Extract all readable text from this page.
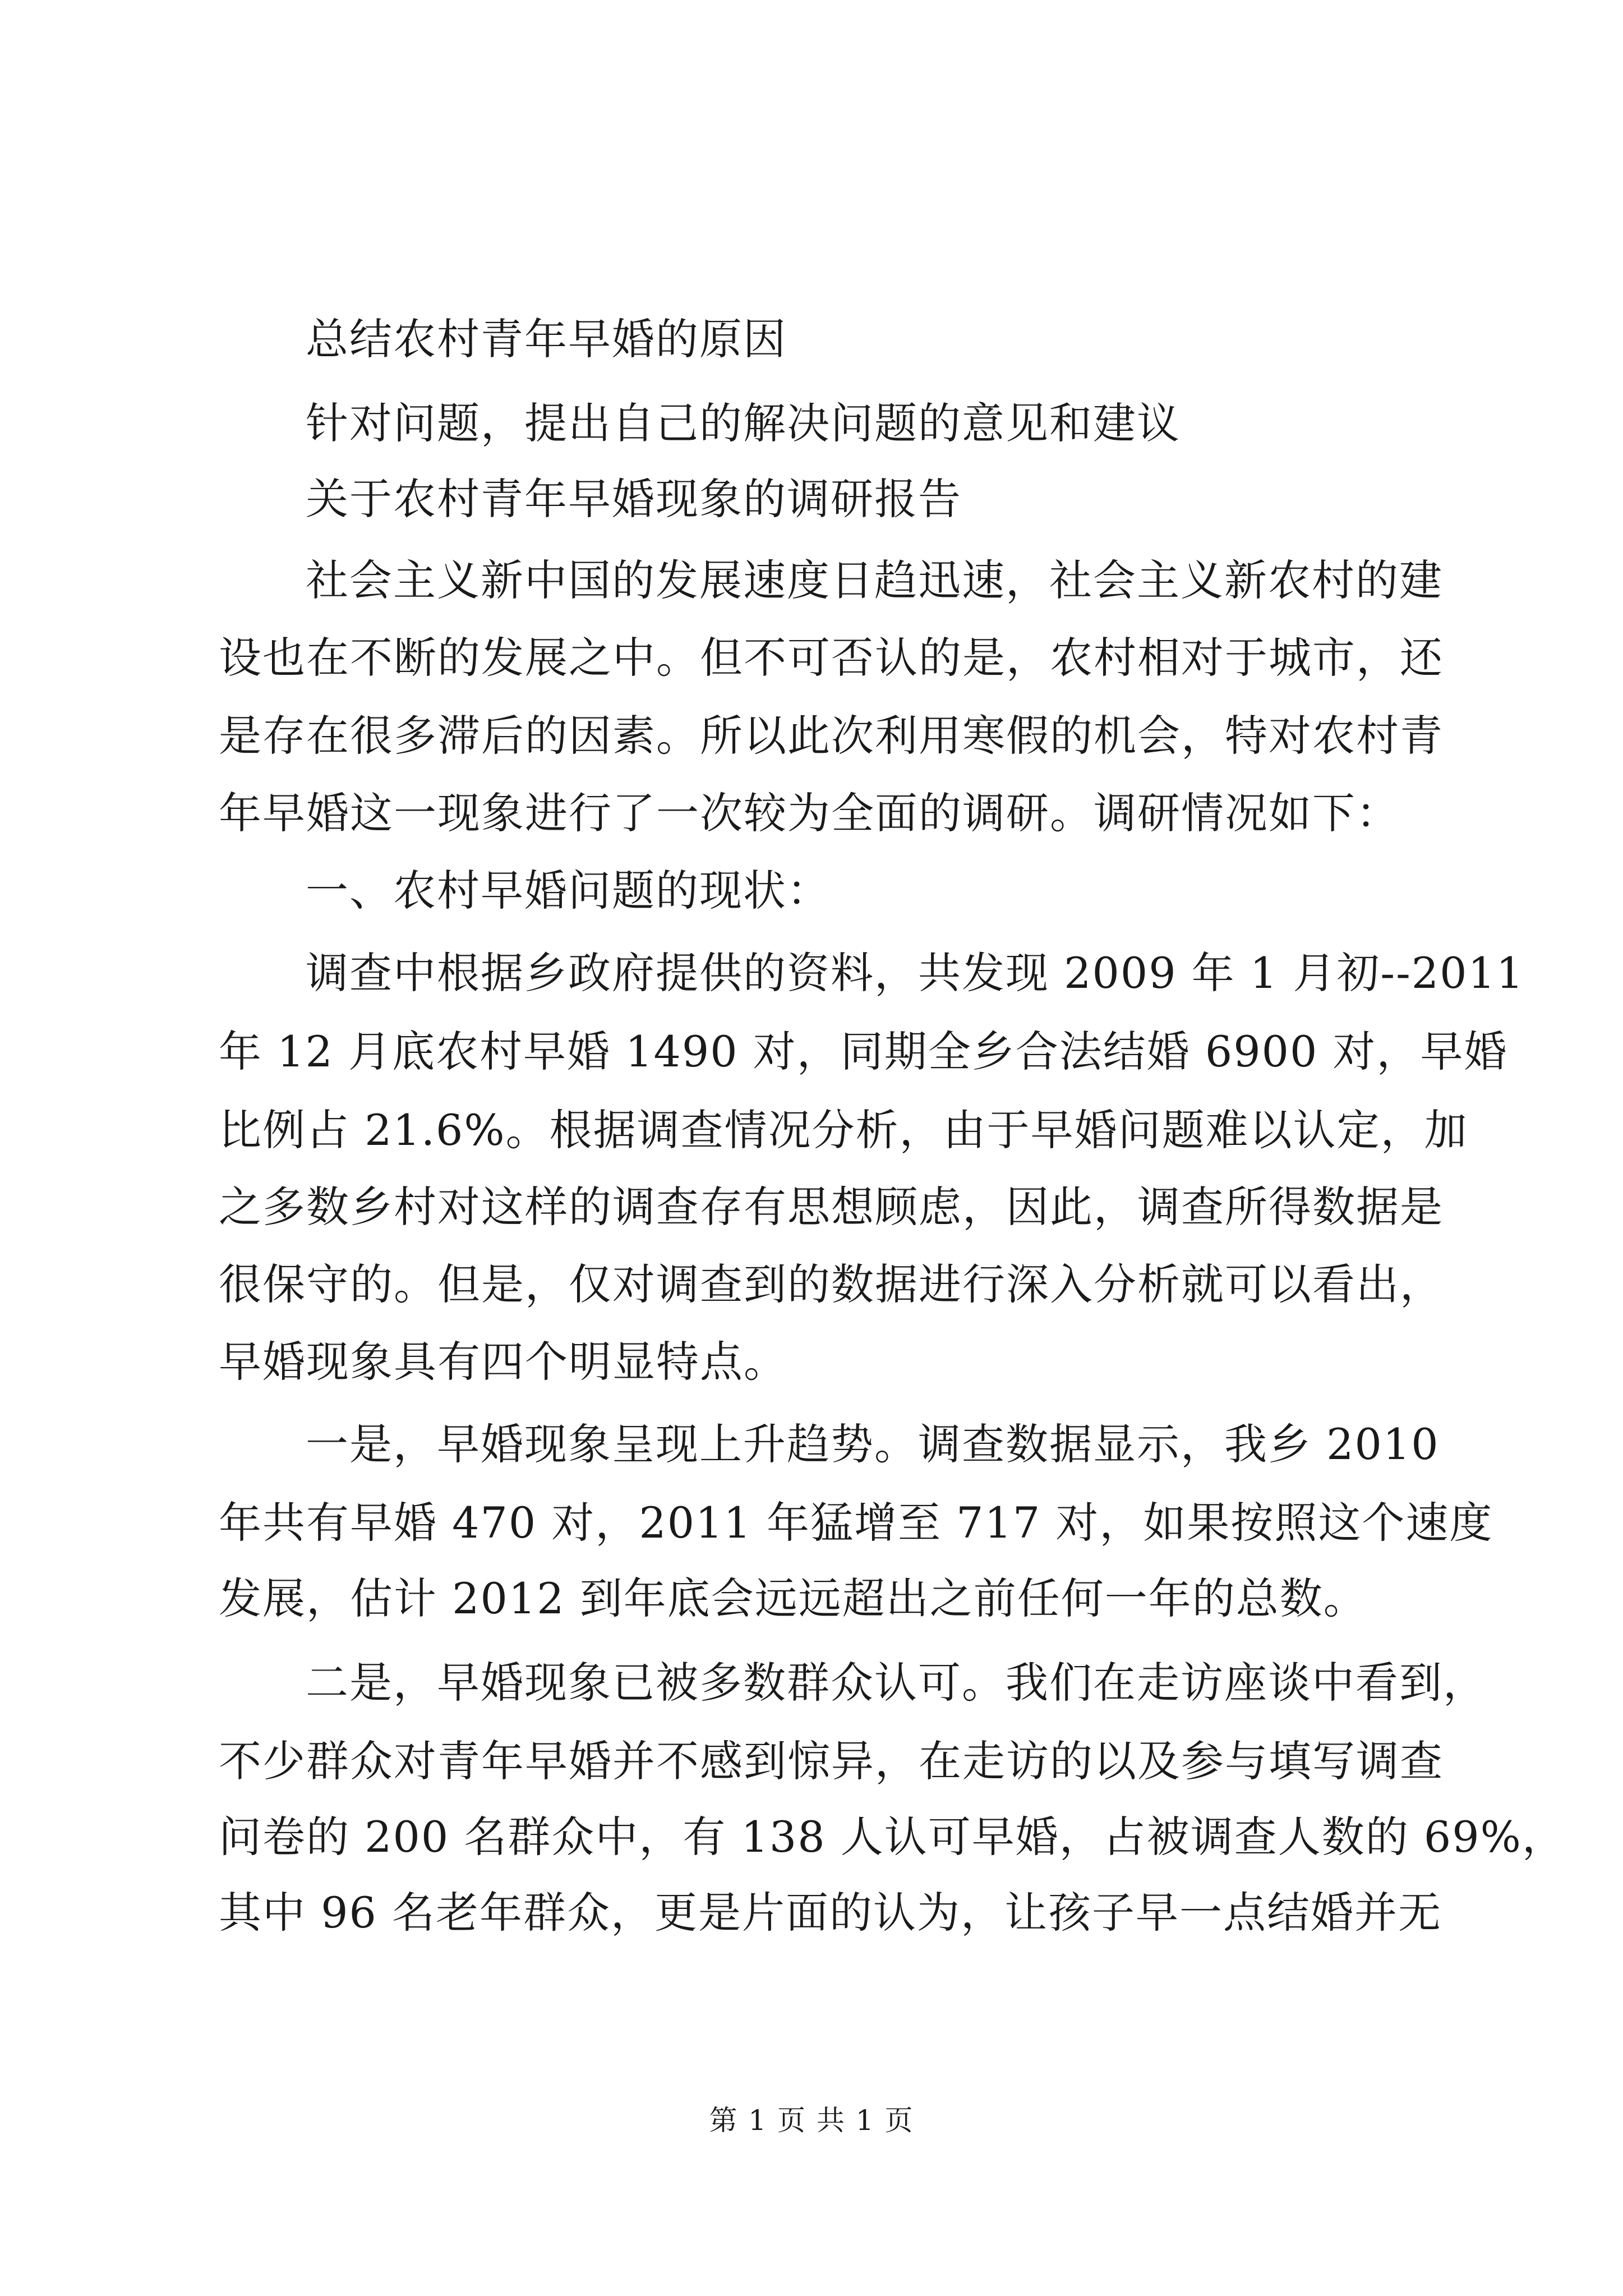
总结农村青年早婚的原因
针对问题，提出自己的解决问题的意见和建议
关于农村青年早婚现象的调研报告
社会主义新中国的发展速度日趋迅速，社会主义新农村的建
设也在不断的发展之中。但不可否认的是，农村相对于城市，还
是存在很多滞后的因素。所以此次利用寒假的机会，特对农村青
年早婚这一现象进行了一次较为全面的调研。调研情况如下：
一、农村早婚问题的现状：
调查中根据乡政府提供的资料，共发现 2009 年 1 月初--2011
年 12 月底农村早婚 1490 对，同期全乡合法结婚 6900 对，早婚
比例占 21.6%。根据调查情况分析，由于早婚问题难以认定，加
之多数乡村对这样的调查存有思想顾虑，因此，调查所得数据是
很保守的。但是，仅对调查到的数据进行深入分析就可以看出，
早婚现象具有四个明显特点。
一是，早婚现象呈现上升趋势。调查数据显示，我乡 2010
年共有早婚 470 对，2011 年猛增至 717 对，如果按照这个速度
发展，估计 2012 到年底会远远超出之前任何一年的总数。
二是，早婚现象已被多数群众认可。我们在走访座谈中看到，
不少群众对青年早婚并不感到惊异，在走访的以及参与填写调查
问卷的 200 名群众中，有 138 人认可早婚，占被调查人数的 69%，
其中 96 名老年群众，更是片面的认为，让孩子早一点结婚并无
第 1 页 共 1 页
